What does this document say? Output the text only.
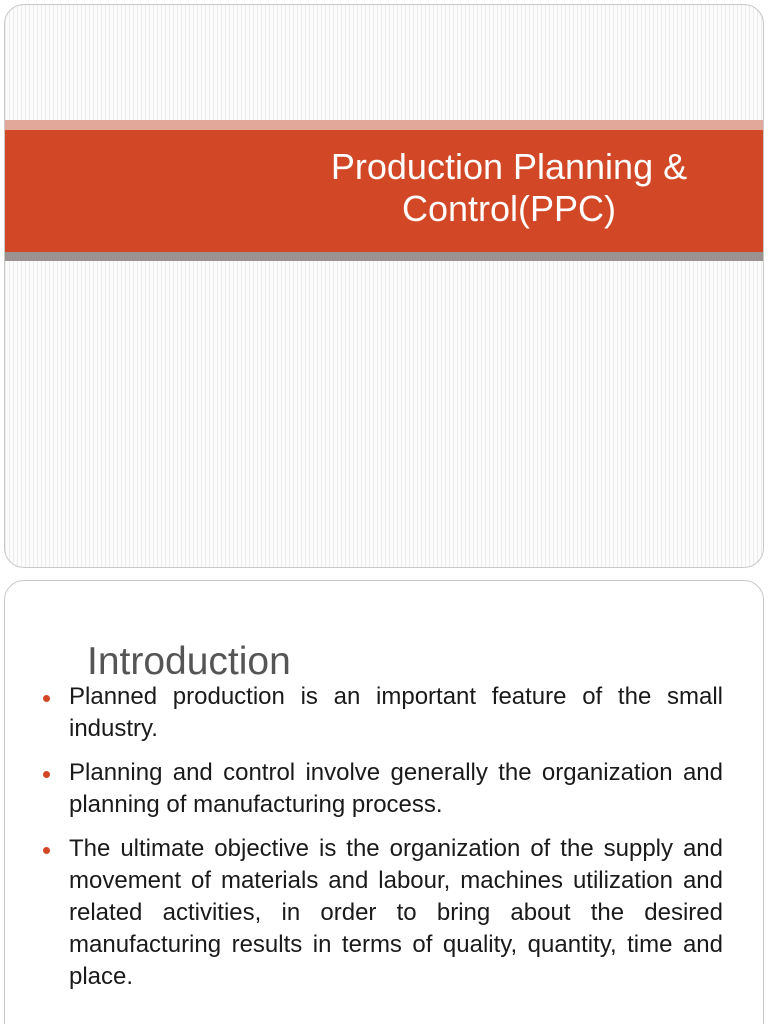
Production Planning &
Control(PPC)
Introduction
Planned production is an important feature of the small industry.
Planning and control involve generally the organization and planning of manufacturing process.
The ultimate objective is the organization of the supply and movement of materials and labour, machines utilization and related activities, in order to bring about the desired manufacturing results in terms of quality, quantity, time and place.
